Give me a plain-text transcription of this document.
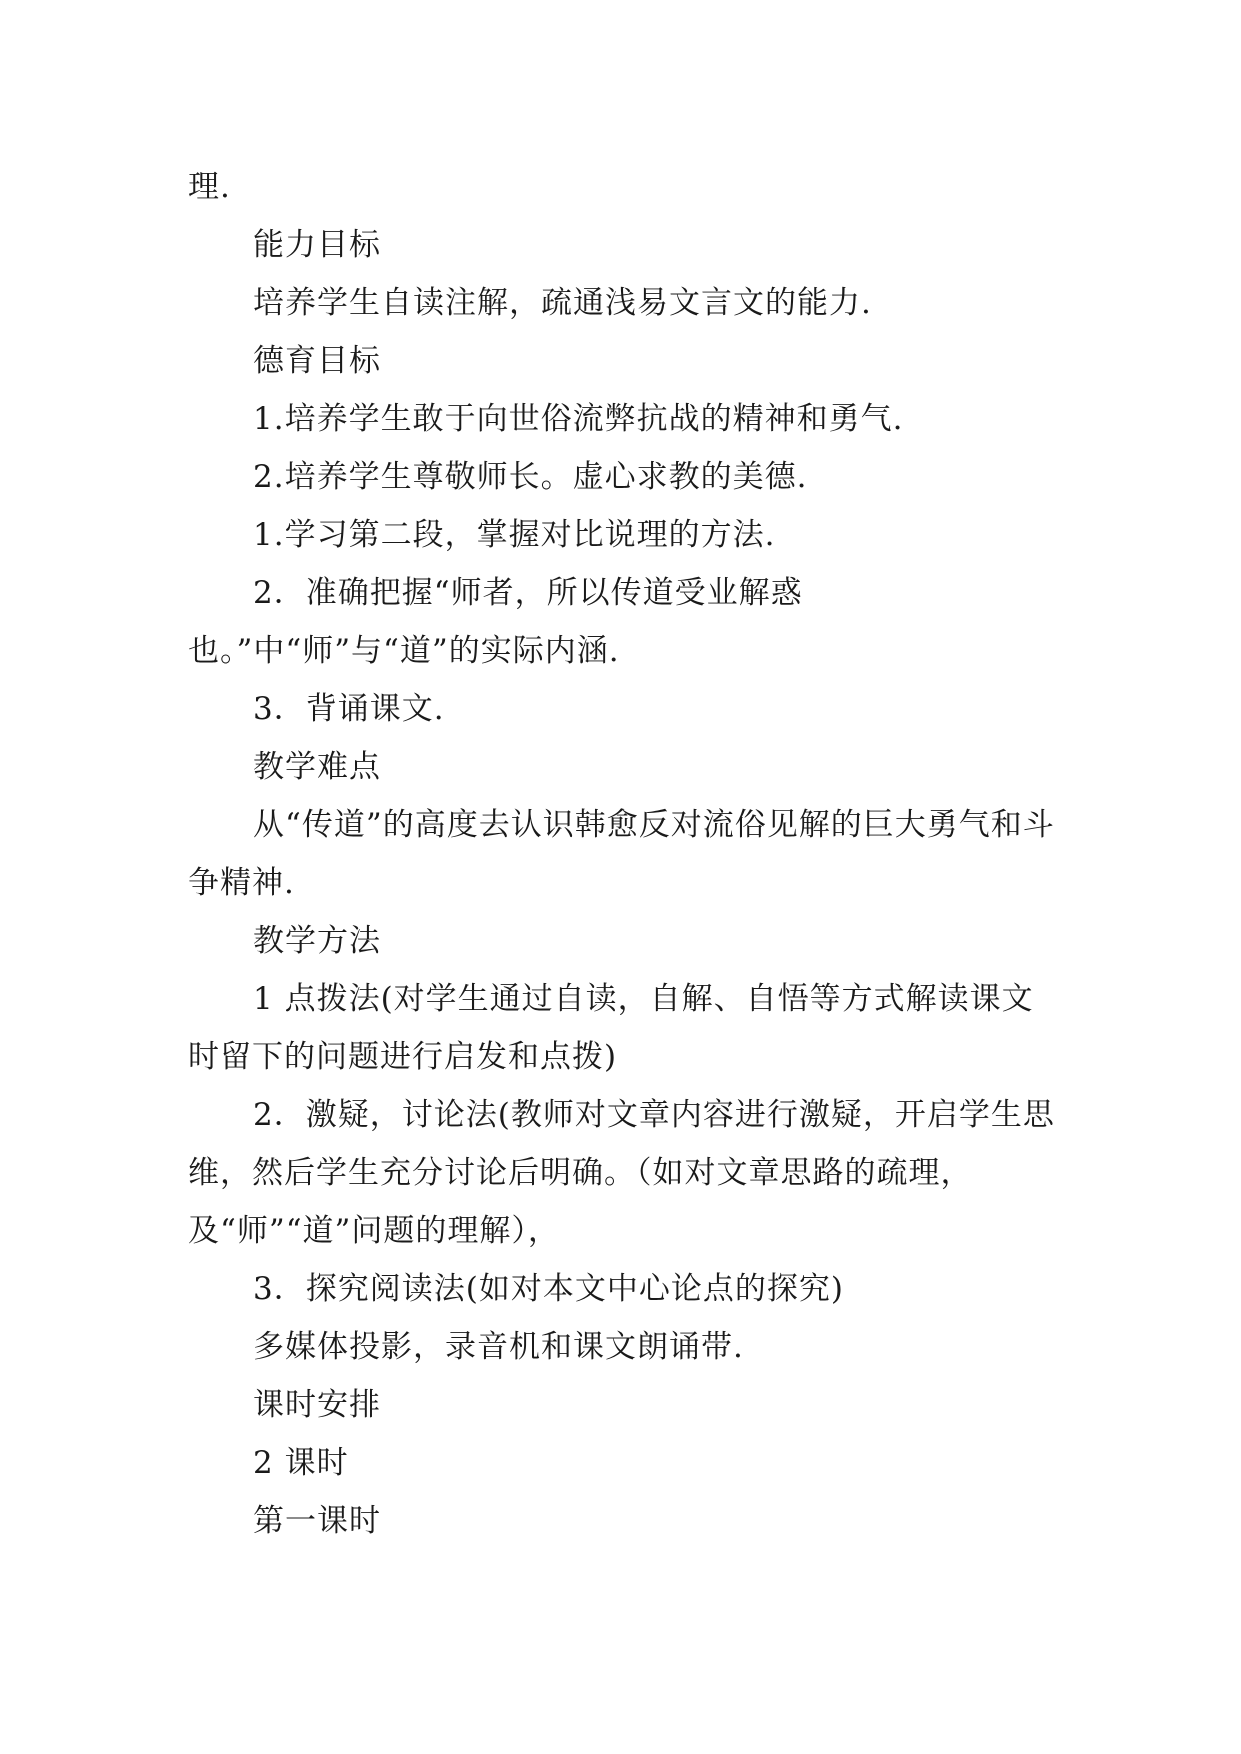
理.

能力目标

培养学生自读注解，疏通浅易文言文的能力.

德育目标

1.培养学生敢于向世俗流弊抗战的精神和勇气.

2.培养学生尊敬师长。虚心求教的美德.

1.学习第二段，掌握对比说理的方法.

2．准确把握“师者，所以传道受业解惑也。”中“师”与“道”的实际内涵.

3．背诵课文.

教学难点

从“传道”的高度去认识韩愈反对流俗见解的巨大勇气和斗争精神.

教学方法

1 点拨法(对学生通过自读，自解、自悟等方式解读课文时留下的问题进行启发和点拨)

2．激疑，讨论法(教师对文章内容进行激疑，开启学生思维，然后学生充分讨论后明确。（如对文章思路的疏理，及“师”“道”问题的理解），

3．探究阅读法(如对本文中心论点的探究)

多媒体投影，录音机和课文朗诵带.

课时安排

2 课时

第一课时
